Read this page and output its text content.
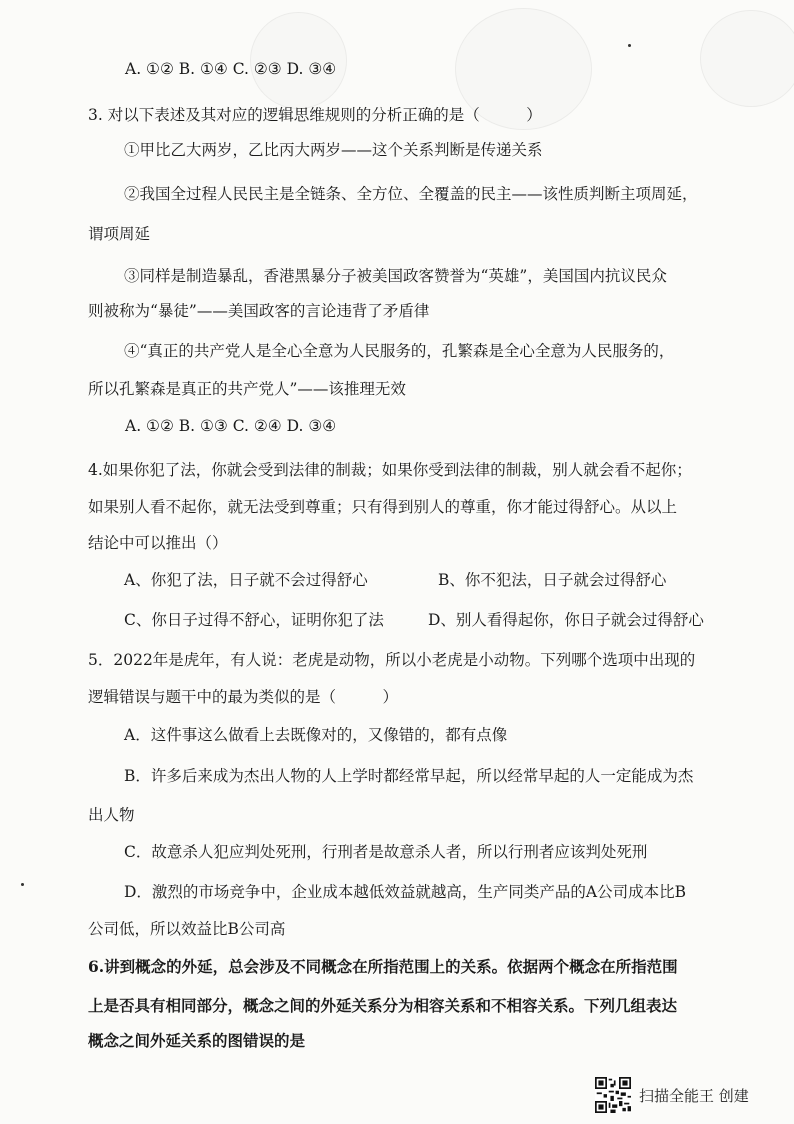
A. ①② B. ①④ C. ②③ D. ③④
3. 对以下表述及其对应的逻辑思维规则的分析正确的是（　　　）
①甲比乙大两岁，乙比丙大两岁——这个关系判断是传递关系
②我国全过程人民民主是全链条、全方位、全覆盖的民主——该性质判断主项周延，
谓项周延
③同样是制造暴乱，香港黑暴分子被美国政客赞誉为“英雄”，美国国内抗议民众
则被称为“暴徒”——美国政客的言论违背了矛盾律
④“真正的共产党人是全心全意为人民服务的，孔繁森是全心全意为人民服务的，
所以孔繁森是真正的共产党人”——该推理无效
A. ①② B. ①③ C. ②④ D. ③④
4.如果你犯了法，你就会受到法律的制裁；如果你受到法律的制裁，别人就会看不起你；
如果别人看不起你，就无法受到尊重；只有得到别人的尊重，你才能过得舒心。从以上
结论中可以推出（）
A、你犯了法，日子就不会过得舒心	B、你不犯法，日子就会过得舒心
C、你日子过得不舒心，证明你犯了法	D、别人看得起你，你日子就会过得舒心
5．2022年是虎年，有人说：老虎是动物，所以小老虎是小动物。下列哪个选项中出现的
逻辑错误与题干中的最为类似的是（　　　）
A．这件事这么做看上去既像对的，又像错的，都有点像
B．许多后来成为杰出人物的人上学时都经常早起，所以经常早起的人一定能成为杰
出人物
C．故意杀人犯应判处死刑，行刑者是故意杀人者，所以行刑者应该判处死刑
D．激烈的市场竞争中，企业成本越低效益就越高，生产同类产品的A公司成本比B
公司低，所以效益比B公司高
6.讲到概念的外延，总会涉及不同概念在所指范围上的关系。依据两个概念在所指范围
上是否具有相同部分，概念之间的外延关系分为相容关系和不相容关系。下列几组表达
概念之间外延关系的图错误的是
扫描全能王 创建
